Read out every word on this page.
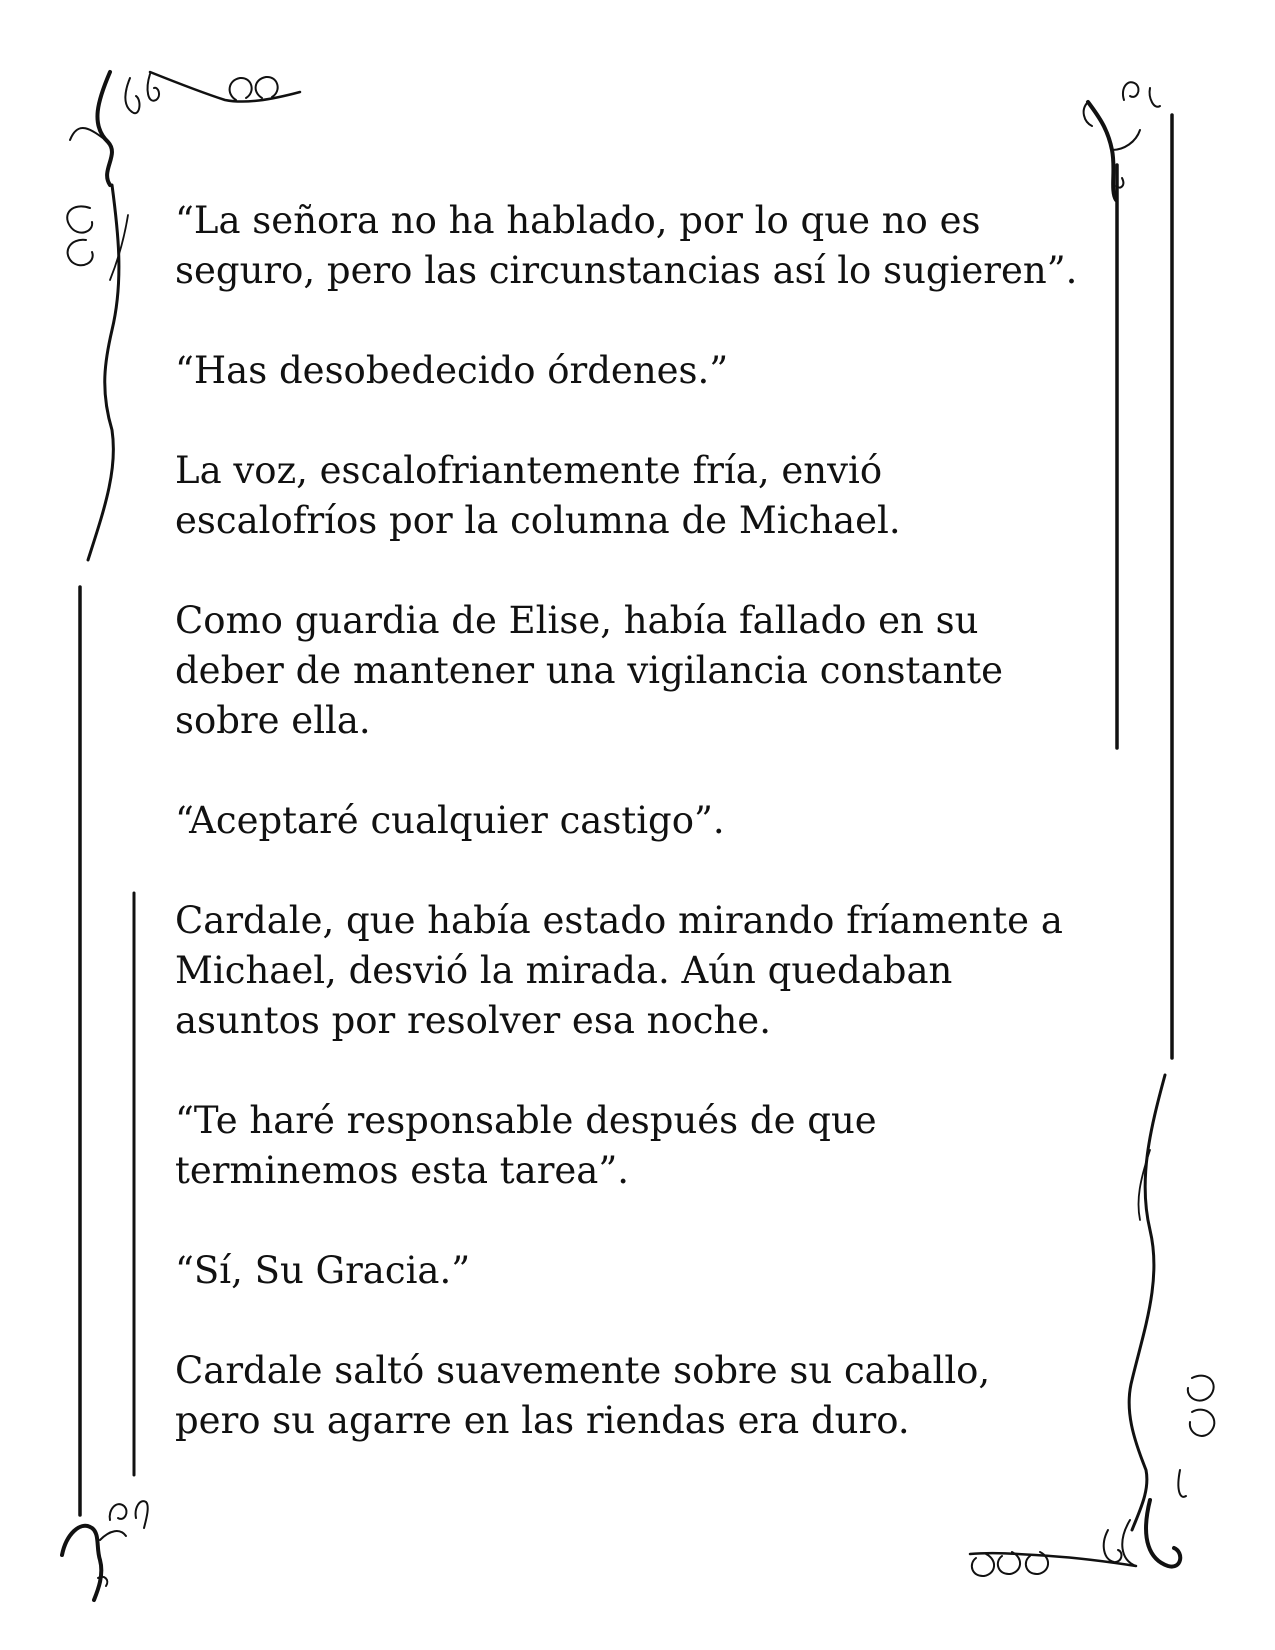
“La señora no ha hablado, por lo que no es
seguro, pero las circunstancias así lo sugieren”.

“Has desobedecido órdenes.”

La voz, escalofriantemente fría, envió
escalofríos por la columna de Michael.

Como guardia de Elise, había fallado en su
deber de mantener una vigilancia constante
sobre ella.

“Aceptaré cualquier castigo”.

Cardale, que había estado mirando fríamente a
Michael, desvió la mirada. Aún quedaban
asuntos por resolver esa noche.

“Te haré responsable después de que
terminemos esta tarea”.

“Sí, Su Gracia.”

Cardale saltó suavemente sobre su caballo,
pero su agarre en las riendas era duro.
